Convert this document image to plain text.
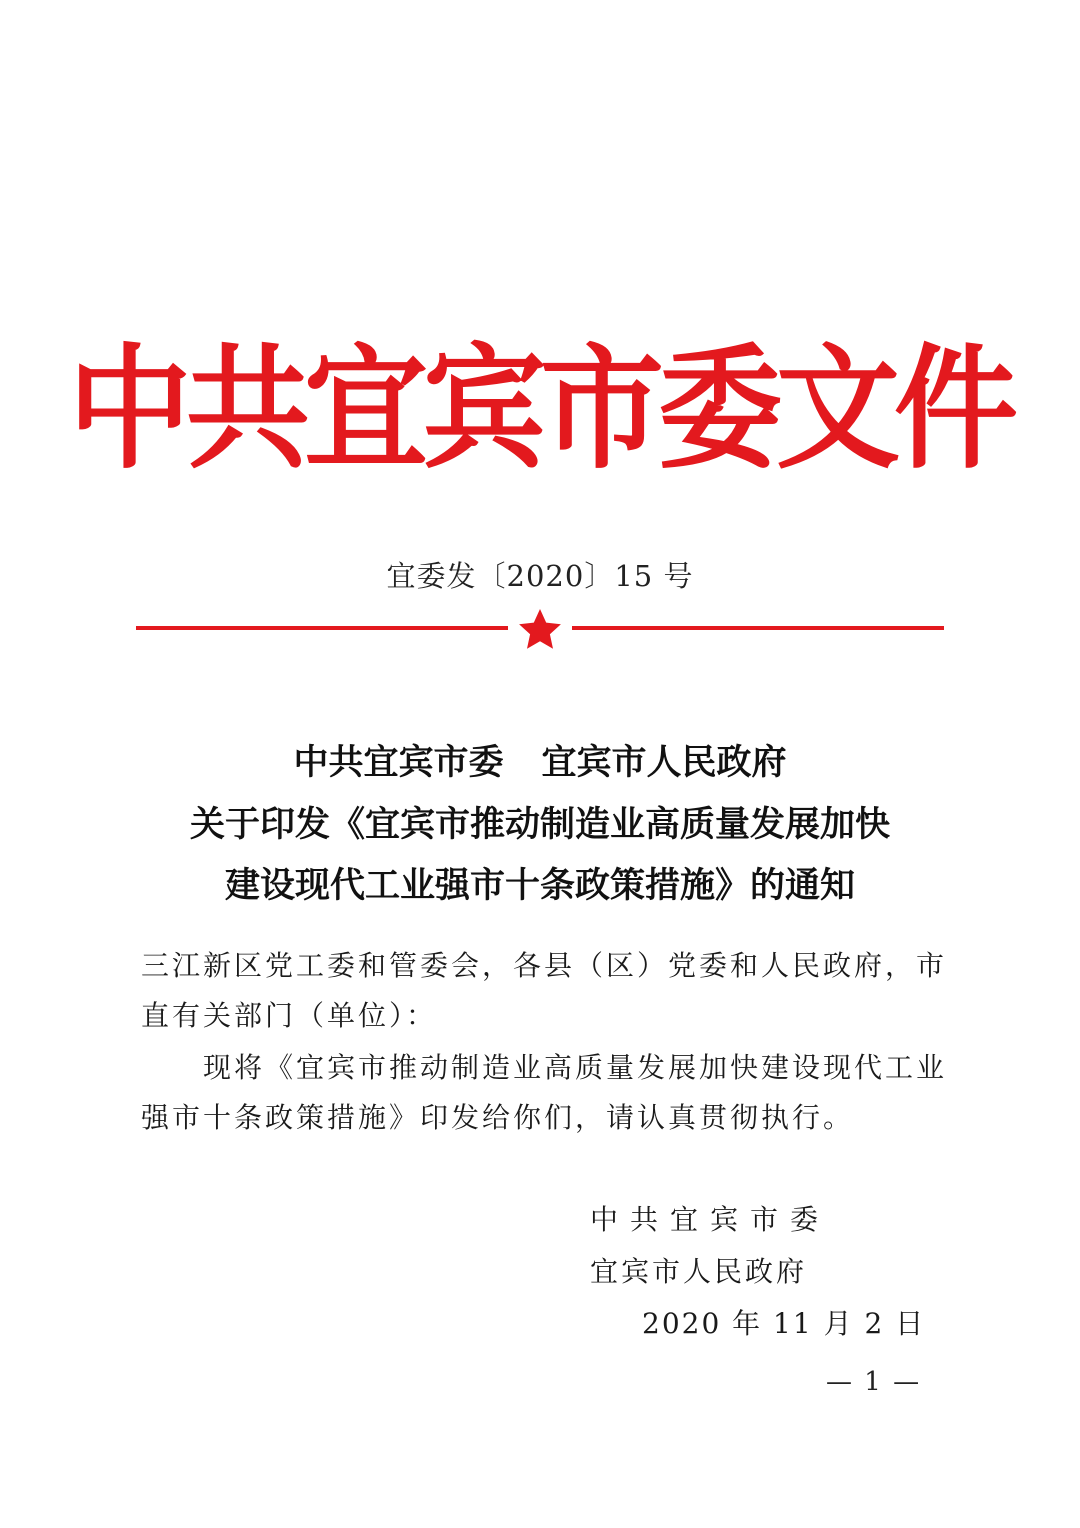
中共宜宾市委文件
宜委发〔2020〕15 号
中共宜宾市委 宜宾市人民政府
关于印发《宜宾市推动制造业高质量发展加快
建设现代工业强市十条政策措施》的通知
三江新区党工委和管委会，各县（区）党委和人民政府，市
直有关部门（单位）：
现将《宜宾市推动制造业高质量发展加快建设现代工业
强市十条政策措施》印发给你们，请认真贯彻执行。
中共宜宾市委
宜宾市人民政府
2020 年 11 月 2 日
— 1 —
